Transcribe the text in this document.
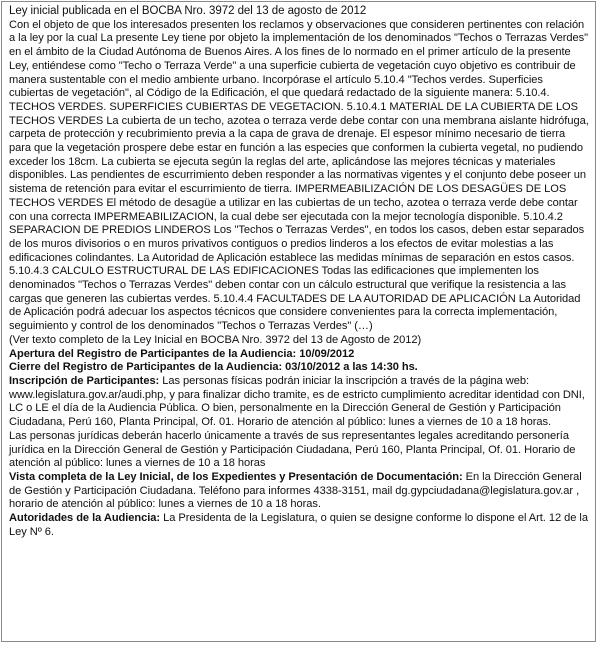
Ley inicial publicada en el BOCBA Nro. 3972 del 13 de agosto de 2012

Con el objeto de que los interesados presenten los reclamos y observaciones que consideren pertinentes con relación a la ley por la cual La presente Ley tiene por objeto la implementación de los denominados "Techos o Terrazas Verdes" en el ámbito de la Ciudad Autónoma de Buenos Aires. A los fines de lo normado en el primer artículo de la presente Ley, entiéndese como "Techo o Terraza Verde" a una superficie cubierta de vegetación cuyo objetivo es contribuir de manera sustentable con el medio ambiente urbano. Incorpórase el artículo 5.10.4 "Techos verdes. Superficies cubiertas de vegetación", al Código de la Edificación, el que quedará redactado de la siguiente manera: 5.10.4. TECHOS VERDES. SUPERFICIES CUBIERTAS DE VEGETACION. 5.10.4.1 MATERIAL DE LA CUBIERTA DE LOS TECHOS VERDES La cubierta de un techo, azotea o terraza verde debe contar con una membrana aislante hidrófuga, carpeta de protección y recubrimiento previa a la capa de grava de drenaje. El espesor mínimo necesario de tierra para que la vegetación prospere debe estar en función a las especies que conformen la cubierta vegetal, no pudiendo exceder los 18cm. La cubierta se ejecuta según la reglas del arte, aplicándose las mejores técnicas y materiales disponibles. Las pendientes de escurrimiento deben responder a las normativas vigentes y el conjunto debe poseer un sistema de retención para evitar el escurrimiento de tierra. IMPERMEABILIZACIÓN DE LOS DESAGÜES DE LOS TECHOS VERDES El método de desagüe a utilizar en las cubiertas de un techo, azotea o terraza verde debe contar con una correcta IMPERMEABILIZACION, la cual debe ser ejecutada con la mejor tecnología disponible. 5.10.4.2 SEPARACION DE PREDIOS LINDEROS Los "Techos o Terrazas Verdes", en todos los casos, deben estar separados de los muros divisorios o en muros privativos contiguos o predios linderos a los efectos de evitar molestias a las edificaciones colindantes. La Autoridad de Aplicación establece las medidas mínimas de separación en estos casos. 5.10.4.3 CALCULO ESTRUCTURAL DE LAS EDIFICACIONES Todas las edificaciones que implementen los denominados "Techos o Terrazas Verdes" deben contar con un cálculo estructural que verifique la resistencia a las cargas que generen las cubiertas verdes. 5.10.4.4 FACULTADES DE LA AUTORIDAD DE APLICACIÓN La Autoridad de Aplicación podrá adecuar los aspectos técnicos que considere convenientes para la correcta implementación, seguimiento y control de los denominados "Techos o Terrazas Verdes" (…)

(Ver texto completo de la Ley Inicial en BOCBA Nro. 3972 del 13 de Agosto de 2012)

Apertura del Registro de Participantes de la Audiencia: 10/09/2012

Cierre del Registro de Participantes de la Audiencia: 03/10/2012 a las 14:30 hs.

Inscripción de Participantes: Las personas físicas podrán iniciar la inscripción a través de la página web: www.legislatura.gov.ar/audi.php, y para finalizar dicho tramite, es de estricto cumplimiento acreditar identidad con DNI, LC o LE el día de la Audiencia Pública. O bien, personalmente en la Dirección General de Gestión y Participación Ciudadana, Perú 160, Planta Principal, Of. 01. Horario de atención al público: lunes a viernes de 10 a 18 horas.

Las personas jurídicas deberán hacerlo únicamente a través de sus representantes legales acreditando personería jurídica en la Dirección General de Gestión y Participación Ciudadana, Perú 160, Planta Principal, Of. 01. Horario de atención al público: lunes a viernes de 10 a 18 horas

Vista completa de la Ley Inicial, de los Expedientes y Presentación de Documentación: En la Dirección General de Gestión y Participación Ciudadana. Teléfono para informes 4338-3151, mail dg.gypciudadana@legislatura.gov.ar , horario de atención al público: lunes a viernes de 10 a 18 horas.

Autoridades de la Audiencia: La Presidenta de la Legislatura, o quien se designe conforme lo dispone el Art. 12 de la Ley Nº 6.
